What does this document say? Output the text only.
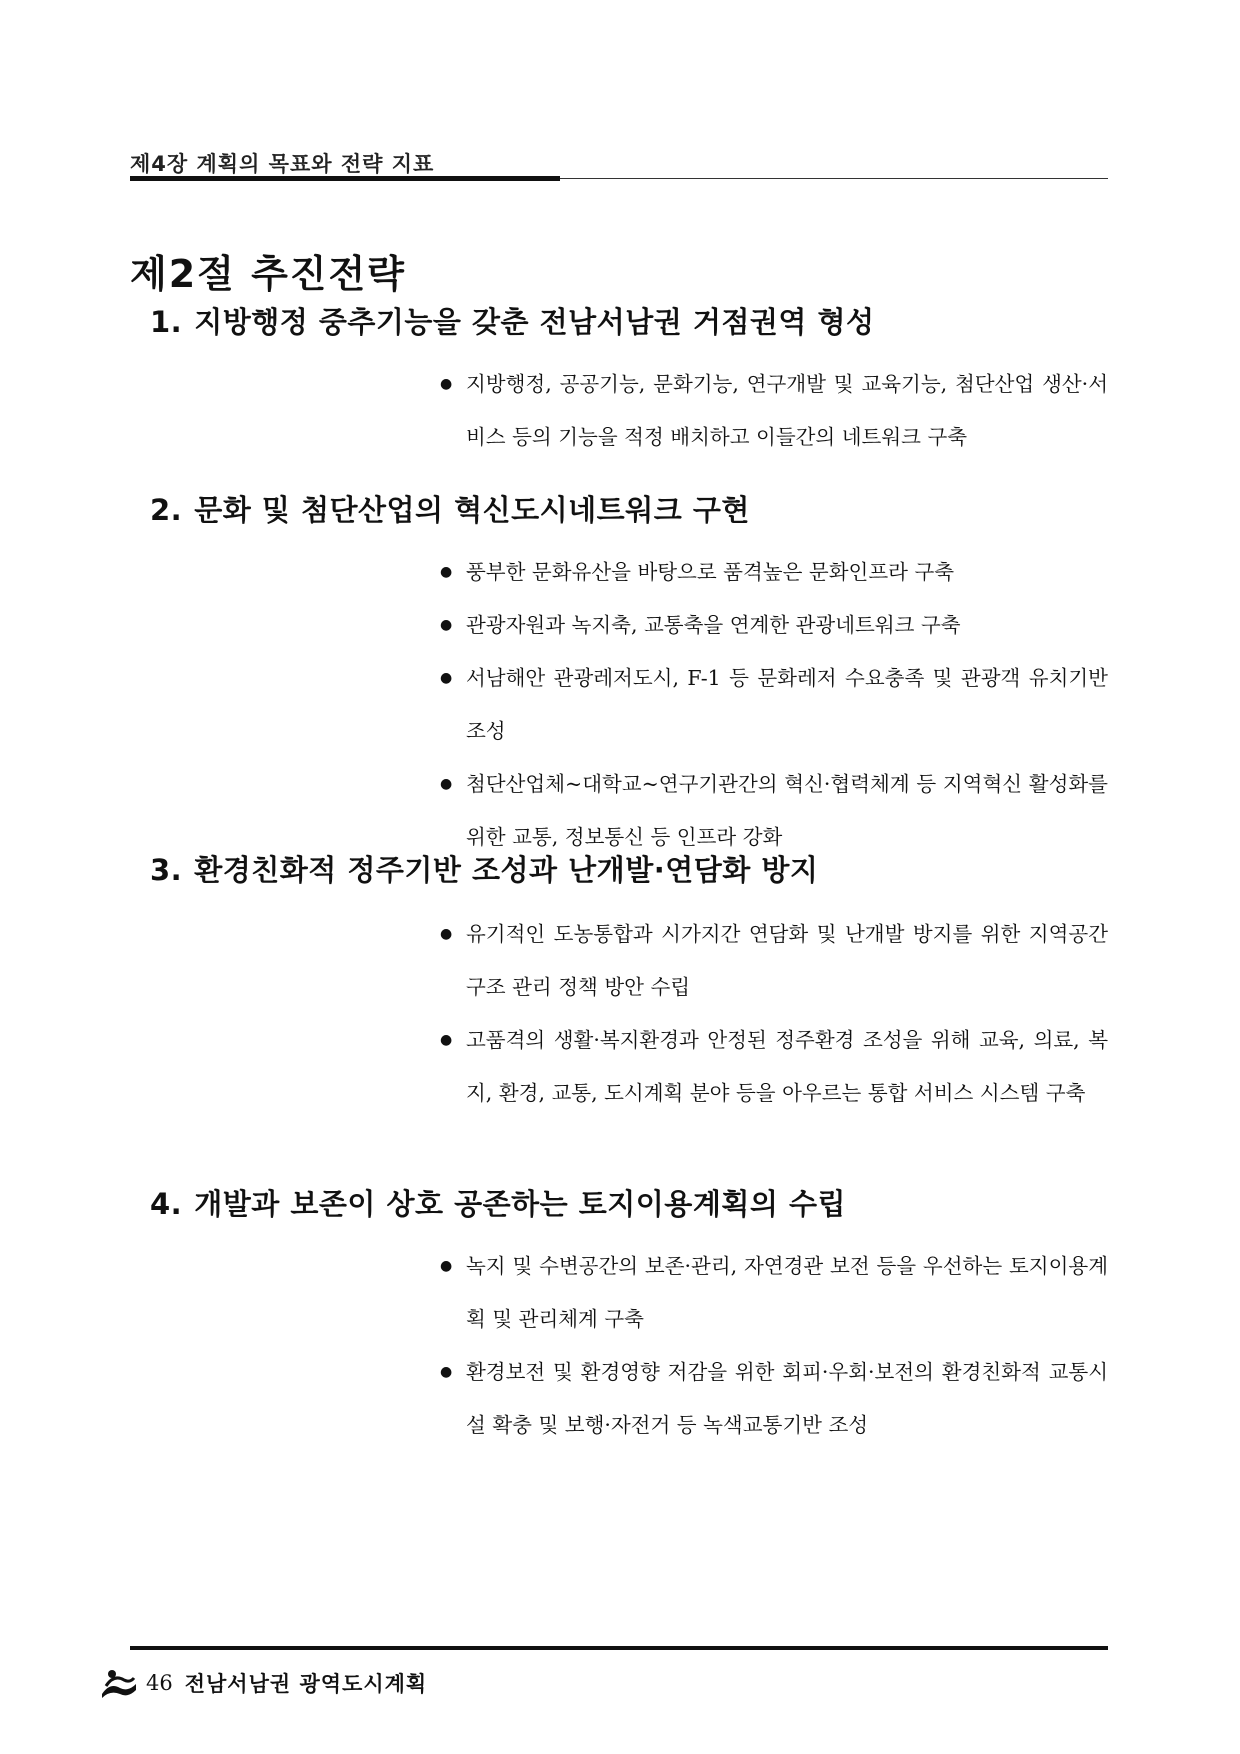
제4장 계획의 목표와 전략 지표
제2절 추진전략
1. 지방행정 중추기능을 갖춘 전남서남권 거점권역 형성
● 지방행정, 공공기능, 문화기능, 연구개발 및 교육기능, 첨단산업 생산·서비스 등의 기능을 적정 배치하고 이들간의 네트워크 구축
2. 문화 및 첨단산업의 혁신도시네트워크 구현
● 풍부한 문화유산을 바탕으로 품격높은 문화인프라 구축
● 관광자원과 녹지축, 교통축을 연계한 관광네트워크 구축
● 서남해안 관광레저도시, F-1 등 문화레저 수요충족 및 관광객 유치기반 조성
● 첨단산업체~대학교~연구기관간의 혁신·협력체계 등 지역혁신 활성화를 위한 교통, 정보통신 등 인프라 강화
3. 환경친화적 정주기반 조성과 난개발·연담화 방지
● 유기적인 도농통합과 시가지간 연담화 및 난개발 방지를 위한 지역공간구조 관리 정책 방안 수립
● 고품격의 생활·복지환경과 안정된 정주환경 조성을 위해 교육, 의료, 복지, 환경, 교통, 도시계획 분야 등을 아우르는 통합 서비스 시스템 구축
4. 개발과 보존이 상호 공존하는 토지이용계획의 수립
● 녹지 및 수변공간의 보존·관리, 자연경관 보전 등을 우선하는 토지이용계획 및 관리체계 구축
● 환경보전 및 환경영향 저감을 위한 회피·우회·보전의 환경친화적 교통시설 확충 및 보행·자전거 등 녹색교통기반 조성
46 전남서남권 광역도시계획
